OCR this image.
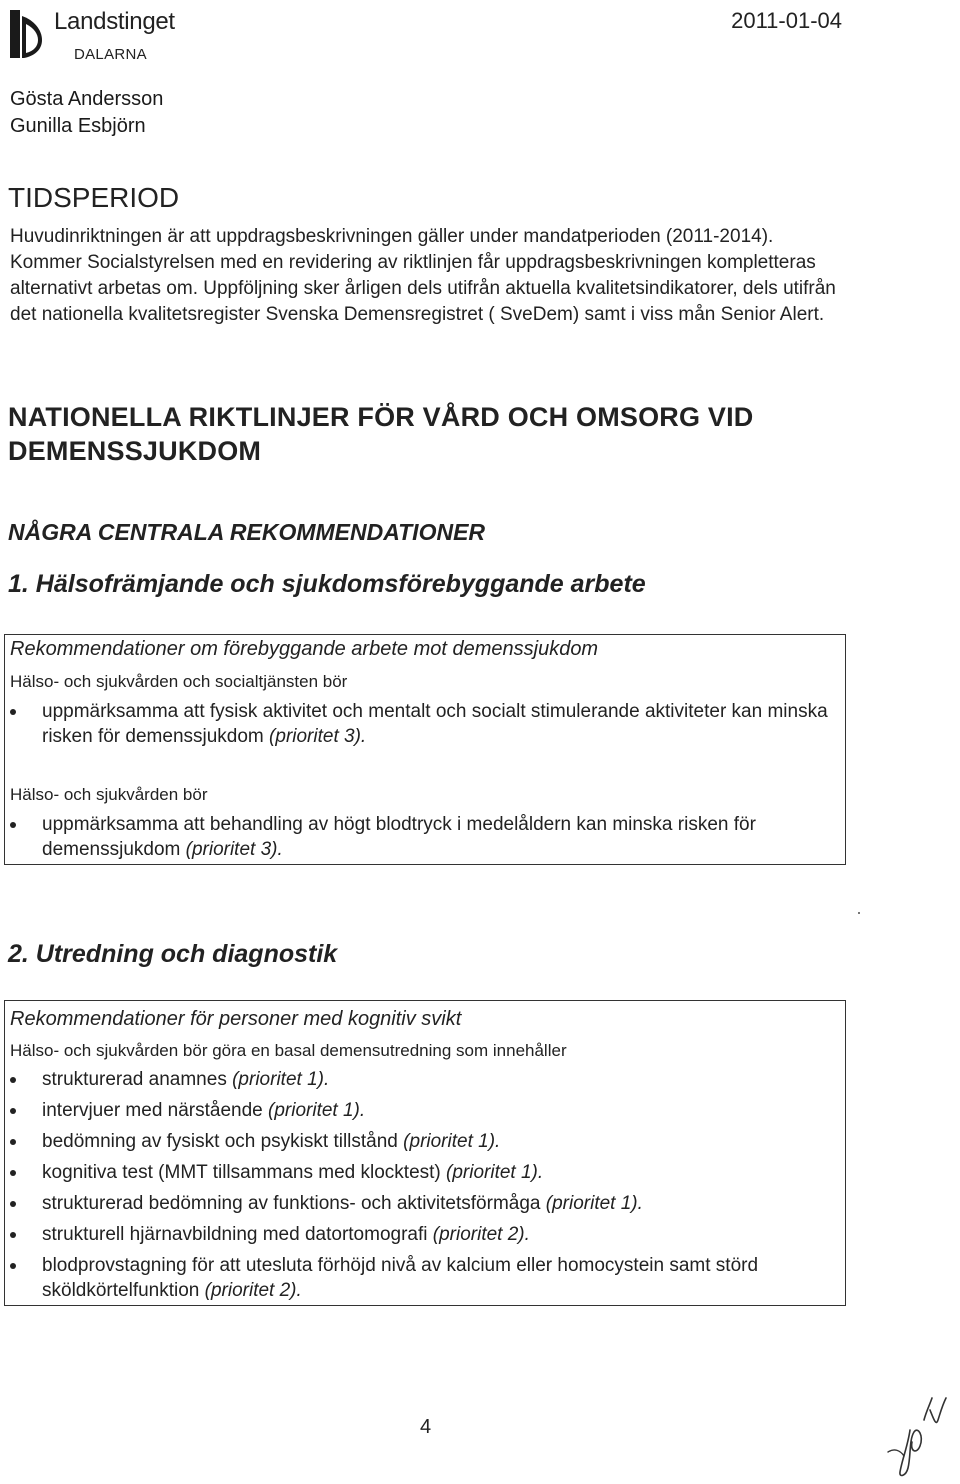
Landstinget
DALARNA
2011-01-04
Gösta Andersson
Gunilla Esbjörn
TIDSPERIOD

Huvudinriktningen är att uppdragsbeskrivningen gäller under mandatperioden (2011-2014). Kommer Socialstyrelsen med en revidering av riktlinjen får uppdragsbeskrivningen kompletteras alternativt arbetas om. Uppföljning sker årligen dels utifrån aktuella kvalitetsindikatorer, dels utifrån det nationella kvalitetsregister Svenska Demensregistret ( SveDem) samt i viss mån Senior Alert.

NATIONELLA RIKTLINJER FÖR VÅRD OCH OMSORG VID DEMENSSJUKDOM
NÅGRA CENTRALA REKOMMENDATIONER
1. Hälsofrämjande och sjukdomsförebyggande arbete
Rekommendationer om förebyggande arbete mot demenssjukdom
Hälso- och sjukvården och socialtjänsten bör
uppmärksamma att fysisk aktivitet och mentalt och socialt stimulerande aktiviteter kan minska risken för demenssjukdom (prioritet 3).
Hälso- och sjukvården bör
uppmärksamma att behandling av högt blodtryck i medelåldern kan minska risken för demenssjukdom (prioritet 3).
2. Utredning och diagnostik
Rekommendationer för personer med kognitiv svikt
Hälso- och sjukvården bör göra en basal demensutredning som innehåller
strukturerad anamnes (prioritet 1).
intervjuer med närstående (prioritet 1).
bedömning av fysiskt och psykiskt tillstånd (prioritet 1).
kognitiva test (MMT tillsammans med klocktest) (prioritet 1).
strukturerad bedömning av funktions- och aktivitetsförmåga (prioritet 1).
strukturell hjärnavbildning med datortomografi (prioritet 2).
blodprovstagning för att utesluta förhöjd nivå av kalcium eller homocystein samt störd sköldkörtelfunktion (prioritet 2).
4
